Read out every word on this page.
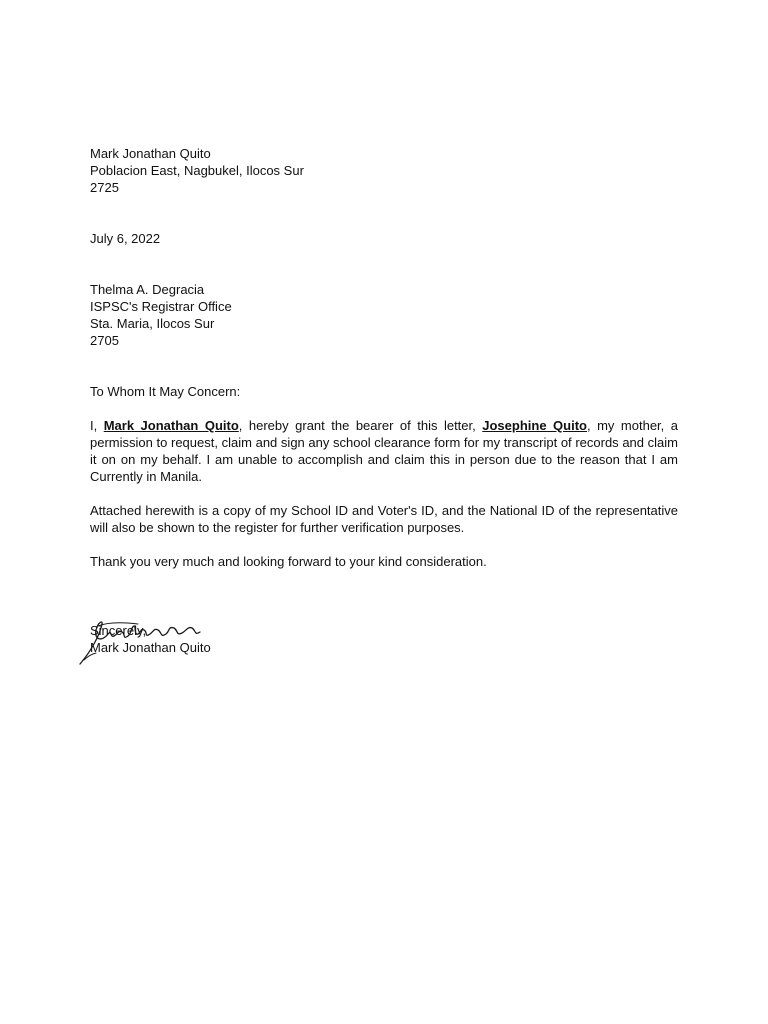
Mark Jonathan Quito
Poblacion East, Nagbukel, Ilocos Sur
2725
July 6, 2022
Thelma A. Degracia
ISPSC's Registrar Office
Sta. Maria, Ilocos Sur
2705
To Whom It May Concern:

I, Mark Jonathan Quito, hereby grant the bearer of this letter, Josephine Quito, my mother, a permission to request, claim and sign any school clearance form for my transcript of records and claim it on on my behalf. I am unable to accomplish and claim this in person due to the reason that I am Currently in Manila.

Attached herewith is a copy of my School ID and Voter's ID, and the National ID of the representative will also be shown to the register for further verification purposes.

Thank you very much and looking forward to your kind consideration.

Sincerely,
Mark Jonathan Quito
